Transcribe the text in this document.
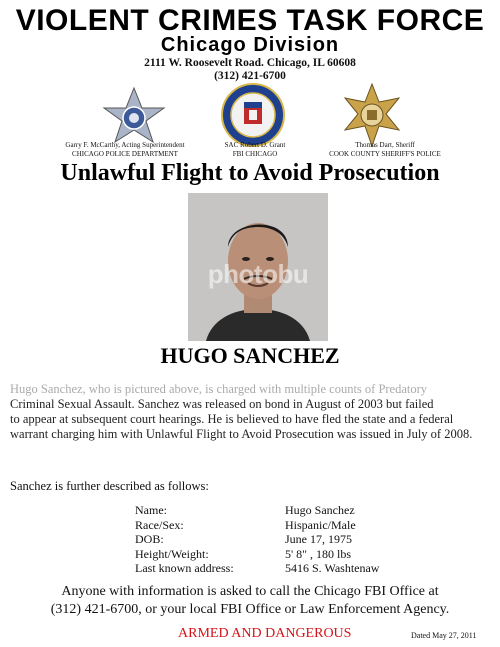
VIOLENT CRIMES TASK FORCE
Chicago Division
2111 W. Roosevelt Road. Chicago, IL 60608
(312) 421-6700
Garry F. McCarthy, Acting Superintendent
CHICAGO POLICE DEPARTMENT
SAC Robert D. Grant
FBI CHICAGO
Thomas Dart, Sheriff
COOK COUNTY SHERIFF'S POLICE
Unlawful Flight to Avoid Prosecution
photobu
HUGO SANCHEZ
Hugo Sanchez, who is pictured above, is charged with multiple counts of Predatory
Criminal Sexual Assault. Sanchez was released on bond in August of 2003 but failed
to appear at subsequent court hearings. He is believed to have fled the state and a federal
warrant charging him with Unlawful Flight to Avoid Prosecution was issued in July of 2008.
Sanchez is further described as follows:
Name:	Hugo Sanchez
Race/Sex:	Hispanic/Male
DOB:	June 17, 1975
Height/Weight:	5' 8" , 180 lbs
Last known address:	5416 S. Washtenaw
Anyone with information is asked to call the Chicago FBI Office at
(312) 421-6700, or your local FBI Office or Law Enforcement Agency.
ARMED AND DANGEROUS	Dated May 27, 2011
